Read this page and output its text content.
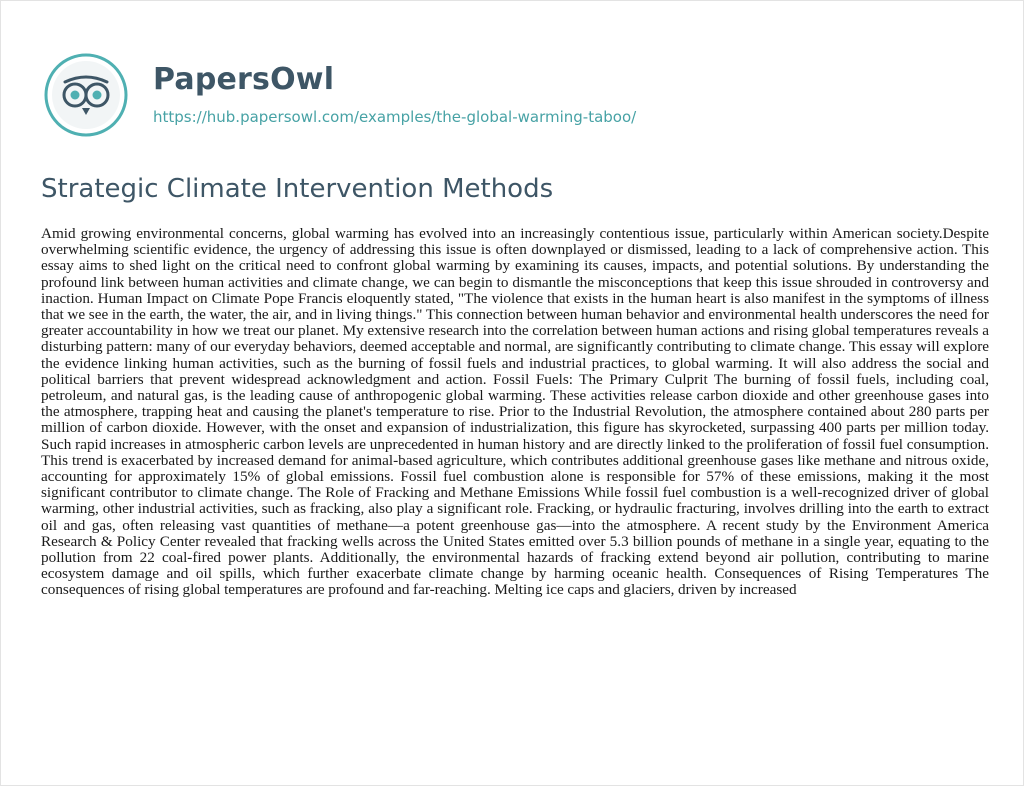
PapersOwl
https://hub.papersowl.com/examples/the-global-warming-taboo/
Strategic Climate Intervention Methods

Amid growing environmental concerns, global warming has evolved into an increasingly contentious issue, particularly within American society.Despite overwhelming scientific evidence, the urgency of addressing this issue is often downplayed or dismissed, leading to a lack of comprehensive action. This essay aims to shed light on the critical need to confront global warming by examining its causes, impacts, and potential solutions. By understanding the profound link between human activities and climate change, we can begin to dismantle the misconceptions that keep this issue shrouded in controversy and inaction. Human Impact on Climate Pope Francis eloquently stated, "The violence that exists in the human heart is also manifest in the symptoms of illness that we see in the earth, the water, the air, and in living things." This connection between human behavior and environmental health underscores the need for greater accountability in how we treat our planet. My extensive research into the correlation between human actions and rising global temperatures reveals a disturbing pattern: many of our everyday behaviors, deemed acceptable and normal, are significantly contributing to climate change. This essay will explore the evidence linking human activities, such as the burning of fossil fuels and industrial practices, to global warming. It will also address the social and political barriers that prevent widespread acknowledgment and action. Fossil Fuels: The Primary Culprit The burning of fossil fuels, including coal, petroleum, and natural gas, is the leading cause of anthropogenic global warming. These activities release carbon dioxide and other greenhouse gases into the atmosphere, trapping heat and causing the planet's temperature to rise. Prior to the Industrial Revolution, the atmosphere contained about 280 parts per million of carbon dioxide. However, with the onset and expansion of industrialization, this figure has skyrocketed, surpassing 400 parts per million today. Such rapid increases in atmospheric carbon levels are unprecedented in human history and are directly linked to the proliferation of fossil fuel consumption. This trend is exacerbated by increased demand for animal-based agriculture, which contributes additional greenhouse gases like methane and nitrous oxide, accounting for approximately 15% of global emissions. Fossil fuel combustion alone is responsible for 57% of these emissions, making it the most significant contributor to climate change. The Role of Fracking and Methane Emissions While fossil fuel combustion is a well-recognized driver of global warming, other industrial activities, such as fracking, also play a significant role. Fracking, or hydraulic fracturing, involves drilling into the earth to extract oil and gas, often releasing vast quantities of methane—a potent greenhouse gas—into the atmosphere. A recent study by the Environment America Research & Policy Center revealed that fracking wells across the United States emitted over 5.3 billion pounds of methane in a single year, equating to the pollution from 22 coal-fired power plants. Additionally, the environmental hazards of fracking extend beyond air pollution, contributing to marine ecosystem damage and oil spills, which further exacerbate climate change by harming oceanic health. Consequences of Rising Temperatures The consequences of rising global temperatures are profound and far-reaching. Melting ice caps and glaciers, driven by increased
